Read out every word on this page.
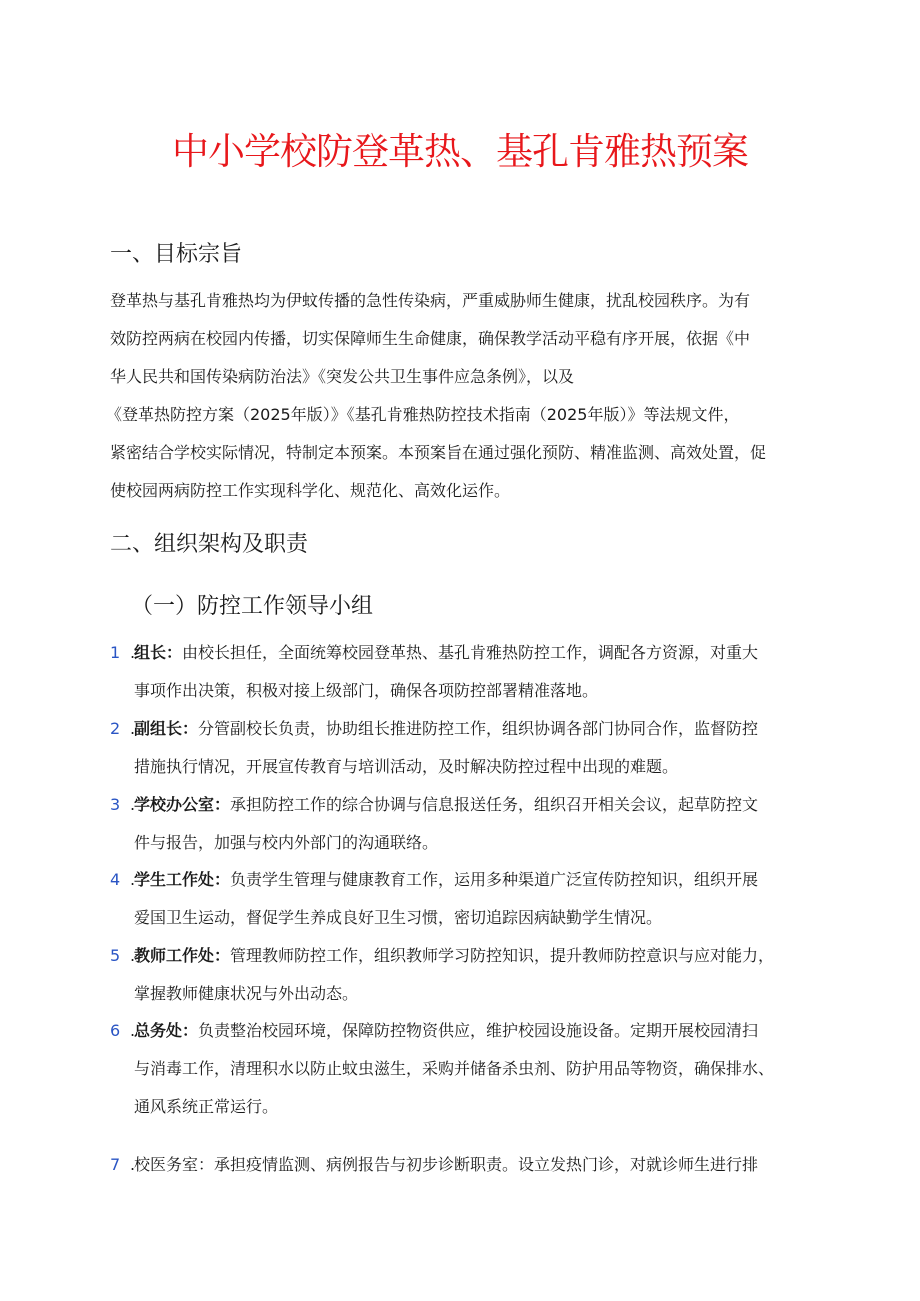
中小学校防登革热、基孔肯雅热预案
一、目标宗旨
登革热与基孔肯雅热均为伊蚊传播的急性传染病，严重威胁师生健康，扰乱校园秩序。为有
效防控两病在校园内传播，切实保障师生生命健康，确保教学活动平稳有序开展，依据《中
华人民共和国传染病防治法》《突发公共卫生事件应急条例》，以及
《登革热防控方案（2025年版）》《基孔肯雅热防控技术指南（2025年版）》等法规文件，
紧密结合学校实际情况，特制定本预案。本预案旨在通过强化预防、精准监测、高效处置，促
使校园两病防控工作实现科学化、规范化、高效化运作。
二、组织架构及职责
（一）防控工作领导小组
1 .
组长：由校长担任，全面统筹校园登革热、基孔肯雅热防控工作，调配各方资源，对重大
事项作出决策，积极对接上级部门，确保各项防控部署精准落地。
2 .
副组长：分管副校长负责，协助组长推进防控工作，组织协调各部门协同合作，监督防控
措施执行情况，开展宣传教育与培训活动，及时解决防控过程中出现的难题。
3 .
学校办公室：承担防控工作的综合协调与信息报送任务，组织召开相关会议，起草防控文
件与报告，加强与校内外部门的沟通联络。
4 .
学生工作处：负责学生管理与健康教育工作，运用多种渠道广泛宣传防控知识，组织开展
爱国卫生运动，督促学生养成良好卫生习惯，密切追踪因病缺勤学生情况。
5 .
教师工作处：管理教师防控工作，组织教师学习防控知识，提升教师防控意识与应对能力，
掌握教师健康状况与外出动态。
6 .
总务处：负责整治校园环境，保障防控物资供应，维护校园设施设备。定期开展校园清扫
与消毒工作，清理积水以防止蚊虫滋生，采购并储备杀虫剂、防护用品等物资，确保排水、
通风系统正常运行。
7 .
校医务室：承担疫情监测、病例报告与初步诊断职责。设立发热门诊，对就诊师生进行排
